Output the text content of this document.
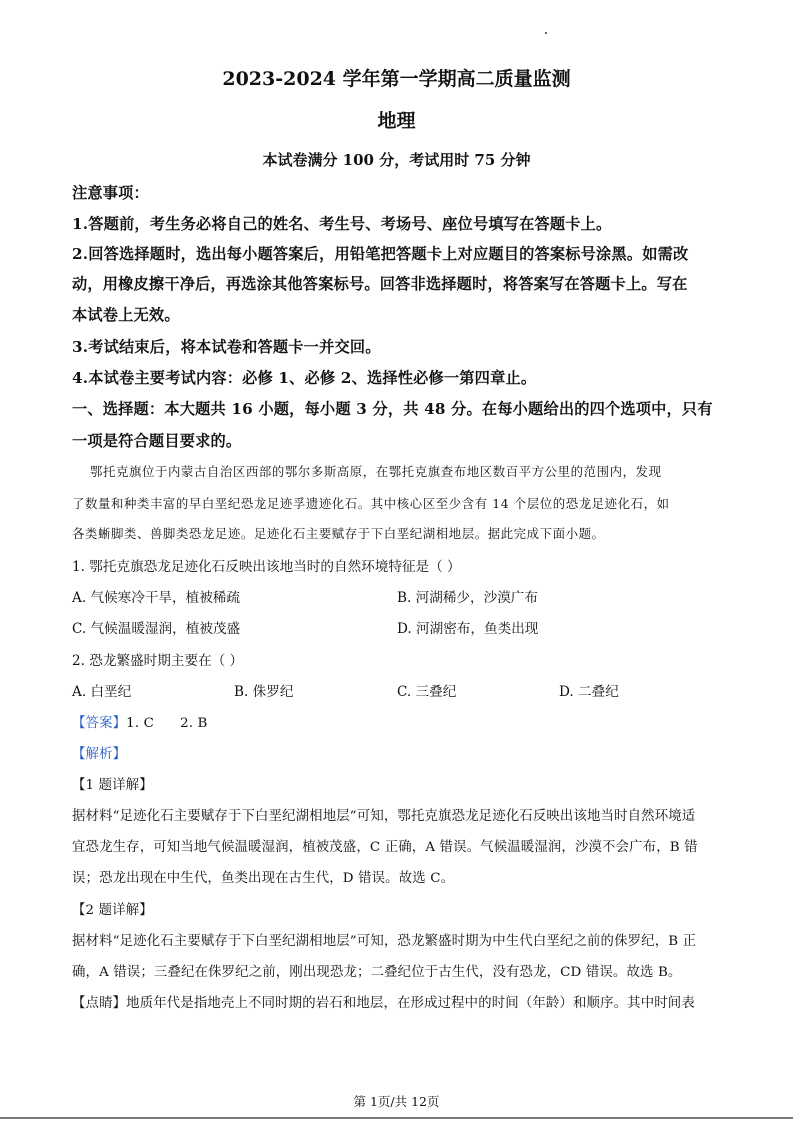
2023-2024 学年第一学期高二质量监测
地理
本试卷满分 100 分，考试用时 75 分钟
注意事项：
1.答题前，考生务必将自己的姓名、考生号、考场号、座位号填写在答题卡上。
2.回答选择题时，选出每小题答案后，用铅笔把答题卡上对应题目的答案标号涂黑。如需改
动，用橡皮擦干净后，再选涂其他答案标号。回答非选择题时，将答案写在答题卡上。写在
本试卷上无效。
3.考试结束后，将本试卷和答题卡一并交回。
4.本试卷主要考试内容：必修 1、必修 2、选择性必修一第四章止。
一、选择题：本大题共 16 小题，每小题 3 分，共 48 分。在每小题给出的四个选项中，只有
一项是符合题目要求的。
鄂托克旗位于内蒙古自治区西部的鄂尔多斯高原，在鄂托克旗查布地区数百平方公里的范围内，发现
了数量和种类丰富的早白垩纪恐龙足迹孚遗迹化石。其中核心区至少含有 14 个层位的恐龙足迹化石，如
各类蜥脚类、兽脚类恐龙足迹。足迹化石主要赋存于下白垩纪湖相地层。据此完成下面小题。
1. 鄂托克旗恐龙足迹化石反映出该地当时的自然环境特征是（ ）
A. 气候寒冷干旱，植被稀疏	B. 河湖稀少，沙漠广布
C. 气候温暖湿润，植被茂盛	D. 河湖密布，鱼类出现
2. 恐龙繁盛时期主要在（ ）
A. 白垩纪	B. 侏罗纪	C. 三叠纪	D. 二叠纪
【答案】1. C 2. B
【解析】
【1 题详解】
据材料“足迹化石主要赋存于下白垩纪湖相地层”可知，鄂托克旗恐龙足迹化石反映出该地当时自然环境适
宜恐龙生存，可知当地气候温暖湿润，植被茂盛，C 正确，A 错误。气候温暖湿润，沙漠不会广布，B 错
误；恐龙出现在中生代，鱼类出现在古生代，D 错误。故选 C。
【2 题详解】
据材料“足迹化石主要赋存于下白垩纪湖相地层”可知，恐龙繁盛时期为中生代白垩纪之前的侏罗纪，B 正
确，A 错误；三叠纪在侏罗纪之前，刚出现恐龙；二叠纪位于古生代，没有恐龙，CD 错误。故选 B。
【点睛】地质年代是指地壳上不同时期的岩石和地层，在形成过程中的时间（年龄）和顺序。其中时间表
第 1页/共 12页
